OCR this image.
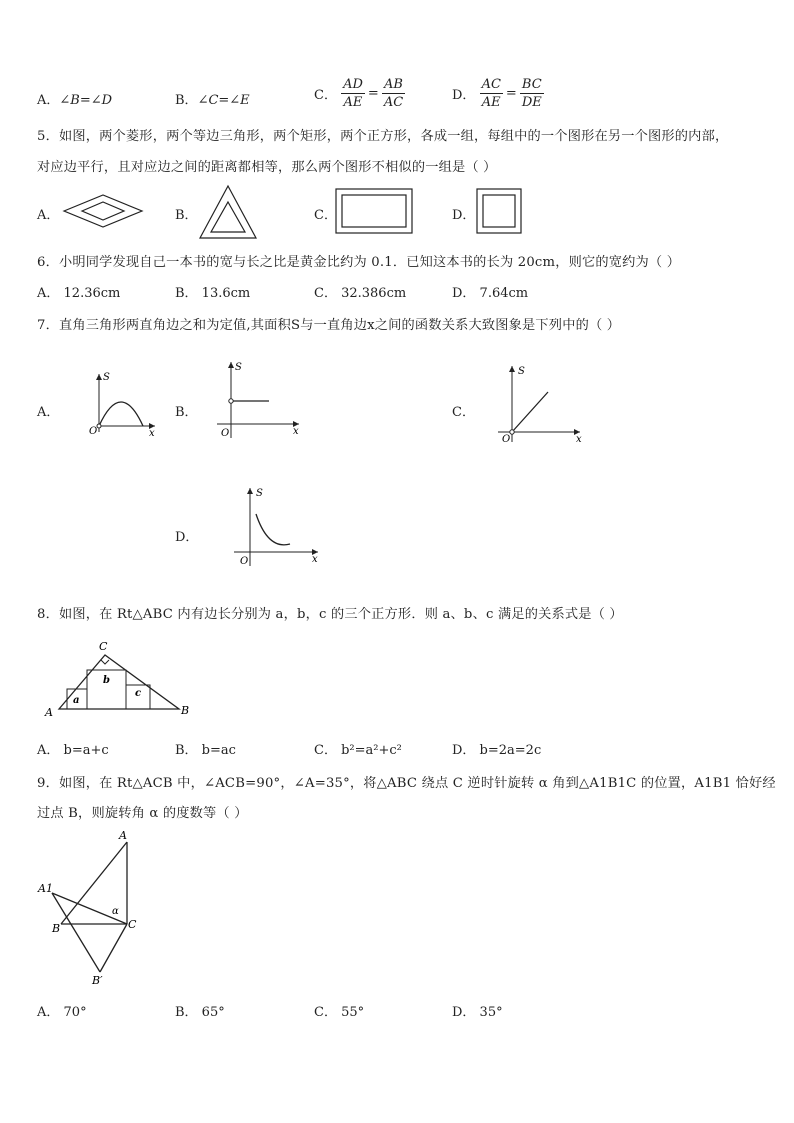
A．∠B=∠D	B．∠C=∠E	C． $\frac{AD}{AE} = \frac{AB}{AC}$	D． $\frac{AC}{AE} = \frac{BC}{DE}$
5．如图，两个菱形，两个等边三角形，两个矩形，两个正方形，各成一组，每组中的一个图形在另一个图形的内部，
对应边平行，且对应边之间的距离都相等，那么两个图形不相似的一组是（ ）
A．	B．	C．	D．
6．小明同学发现自己一本书的宽与长之比是黄金比约为 0.1．已知这本书的长为 20cm，则它的宽约为（ ）
A． 12.36cm	B． 13.6cm	C． 32.386cm	D． 7.64cm
7．直角三角形两直角边之和为定值,其面积S与一直角边x之间的函数关系大致图象是下列中的（ ）
A．
S
x
O
B．
S
x
O
C．
S
x
O
D．
S
x
O
8．如图，在 Rt△ABC 内有边长分别为 a，b，c 的三个正方形．则 a、b、c 满足的关系式是（ ）
a
b
c
A	B
C
A． b=a+c	B． b=ac	C． b²=a²+c²	D． b=2a=2c
9．如图，在 Rt△ACB 中，∠ACB=90°，∠A=35°，将△ABC 绕点 C 逆时针旋转 α 角到△A1B1C 的位置，A1B1 恰好经
过点 B，则旋转角 α 的度数等（ ）
A
A1
B	C
B′
α
A． 70°	B． 65°	C． 55°	D． 35°
